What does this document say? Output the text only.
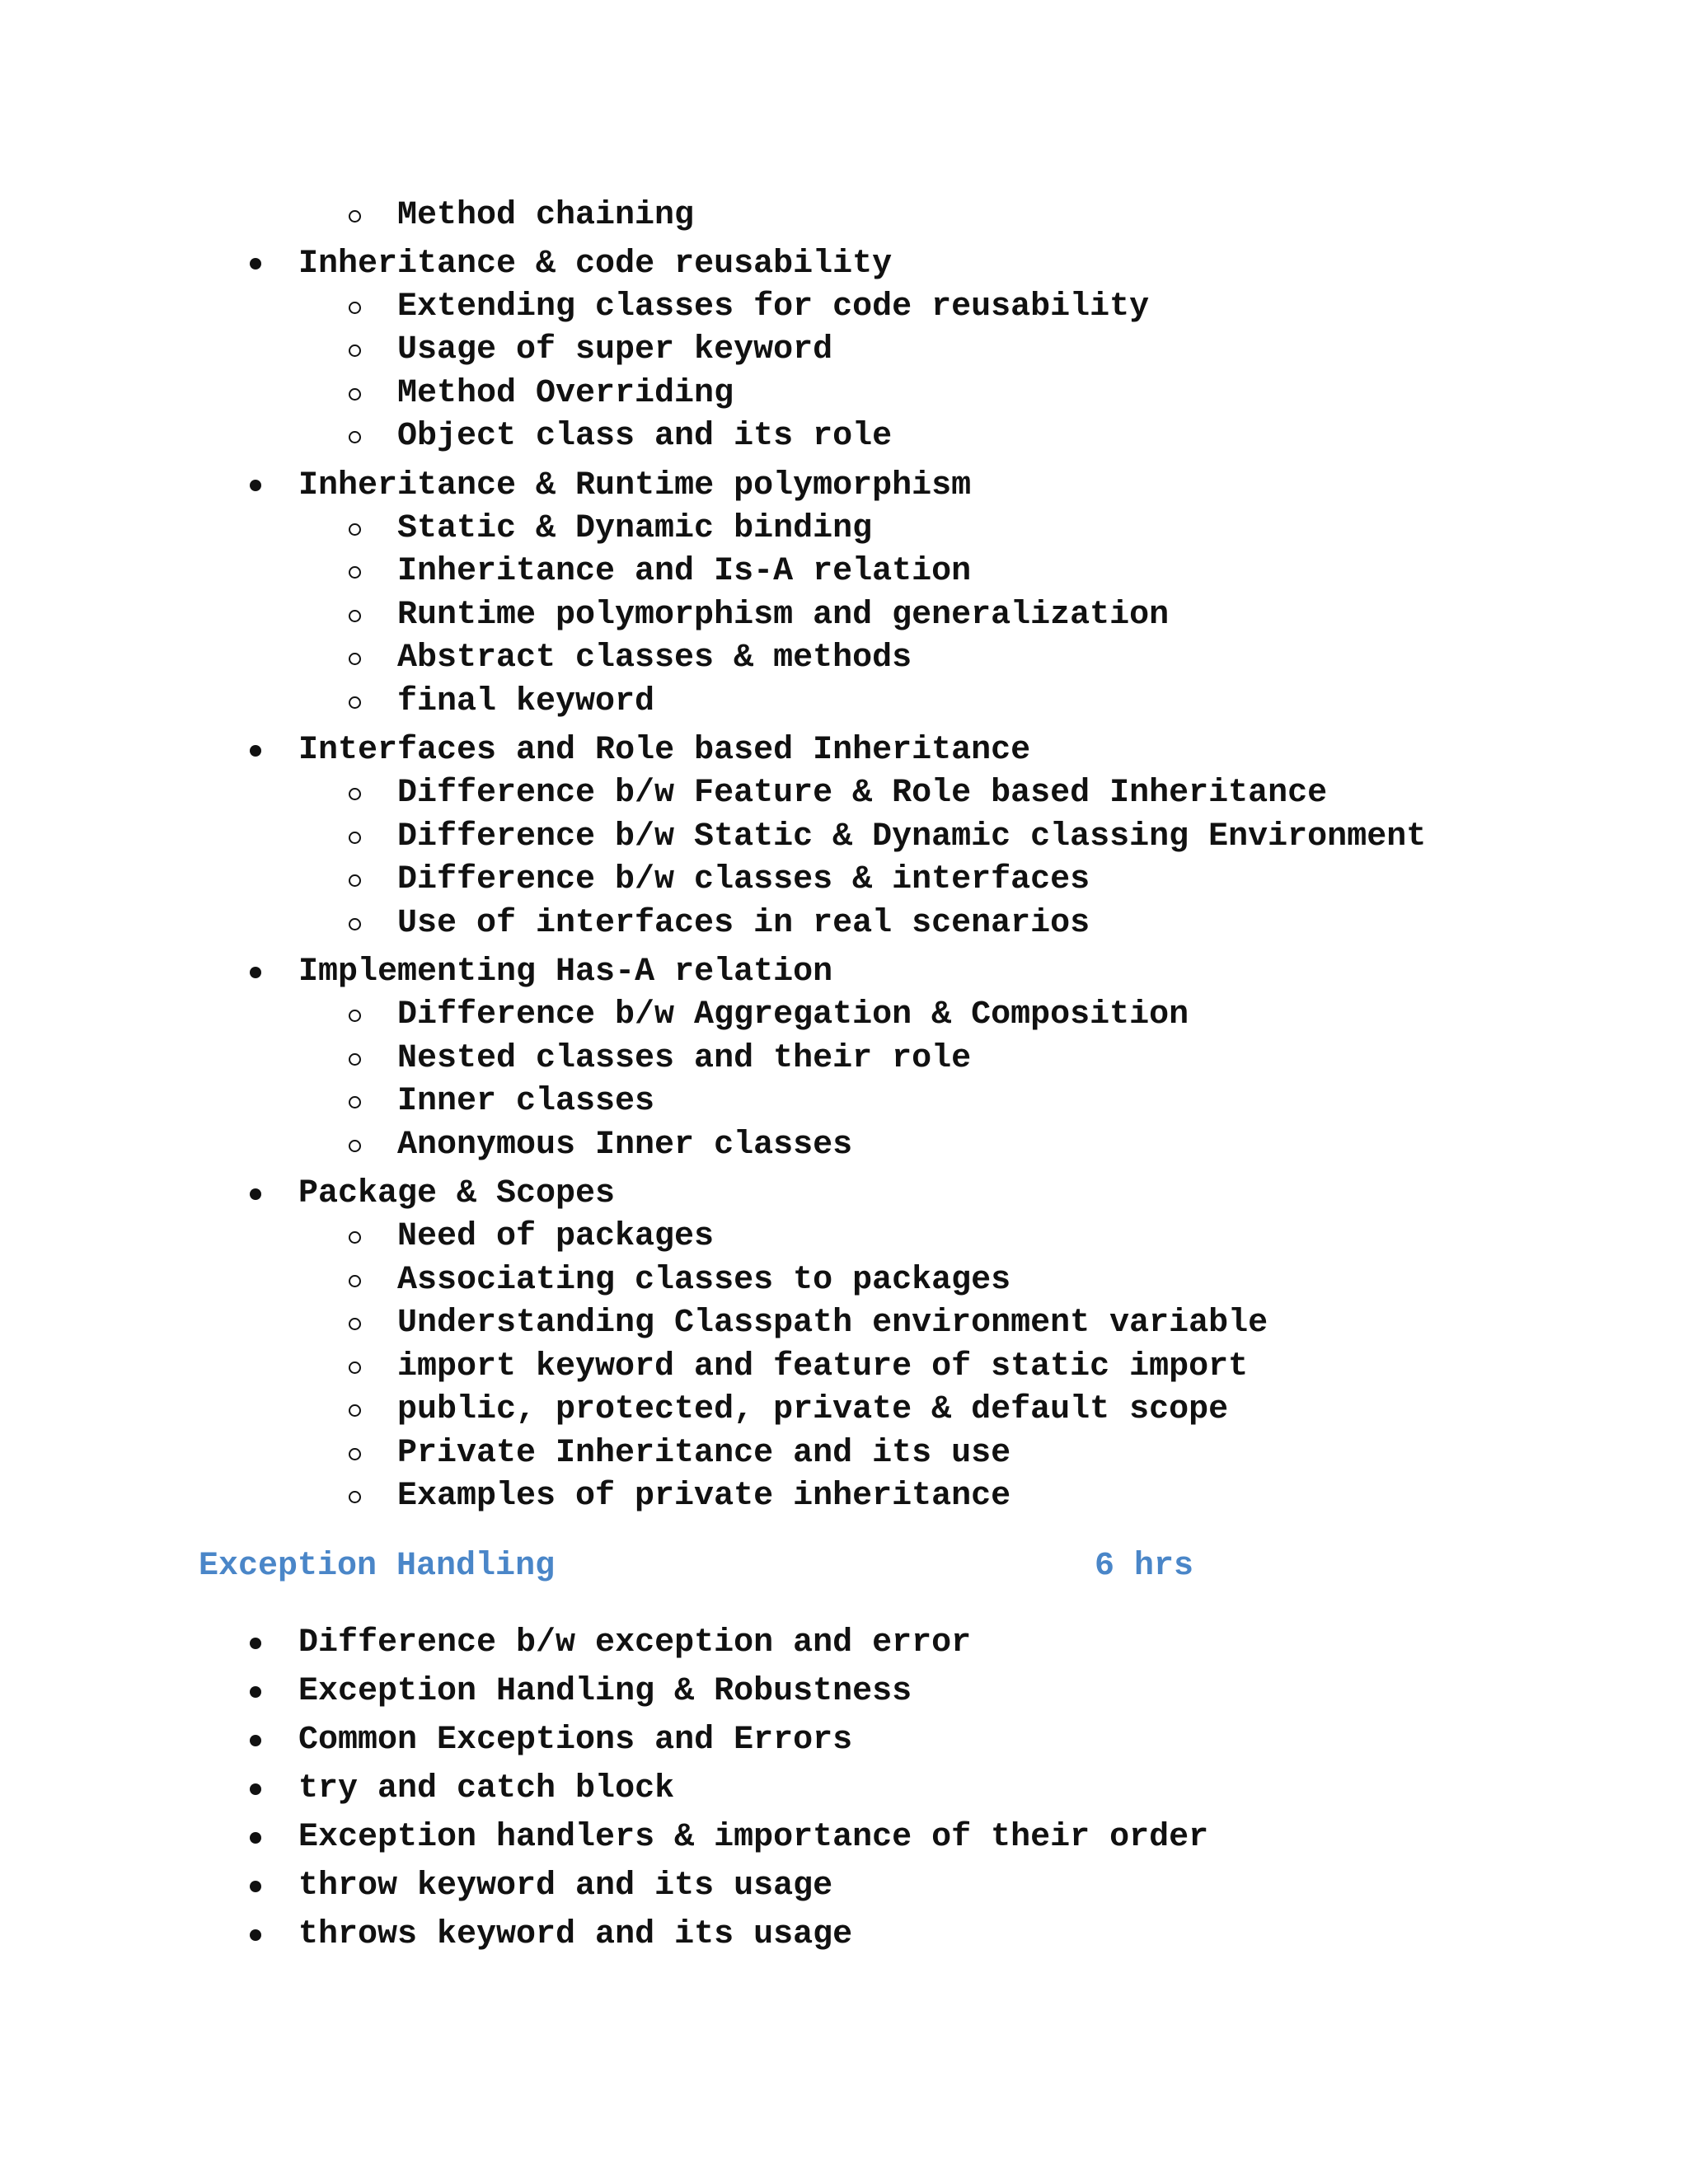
Method chaining
Inheritance & code reusability
Extending classes for code reusability
Usage of super keyword
Method Overriding
Object class and its role
Inheritance & Runtime polymorphism
Static & Dynamic binding
Inheritance and Is-A relation
Runtime polymorphism and generalization
Abstract classes & methods
final keyword
Interfaces and Role based Inheritance
Difference b/w Feature & Role based Inheritance
Difference b/w Static & Dynamic classing Environment
Difference b/w classes & interfaces
Use of interfaces in real scenarios
Implementing Has-A relation
Difference b/w Aggregation & Composition
Nested classes and their role
Inner classes
Anonymous Inner classes
Package & Scopes
Need of packages
Associating classes to packages
Understanding Classpath environment variable
import keyword and feature of static import
public, protected, private & default scope
Private Inheritance and its use
Examples of private inheritance
Exception Handling	6 hrs
Difference b/w exception and error
Exception Handling & Robustness
Common Exceptions and Errors
try and catch block
Exception handlers & importance of their order
throw keyword and its usage
throws keyword and its usage
